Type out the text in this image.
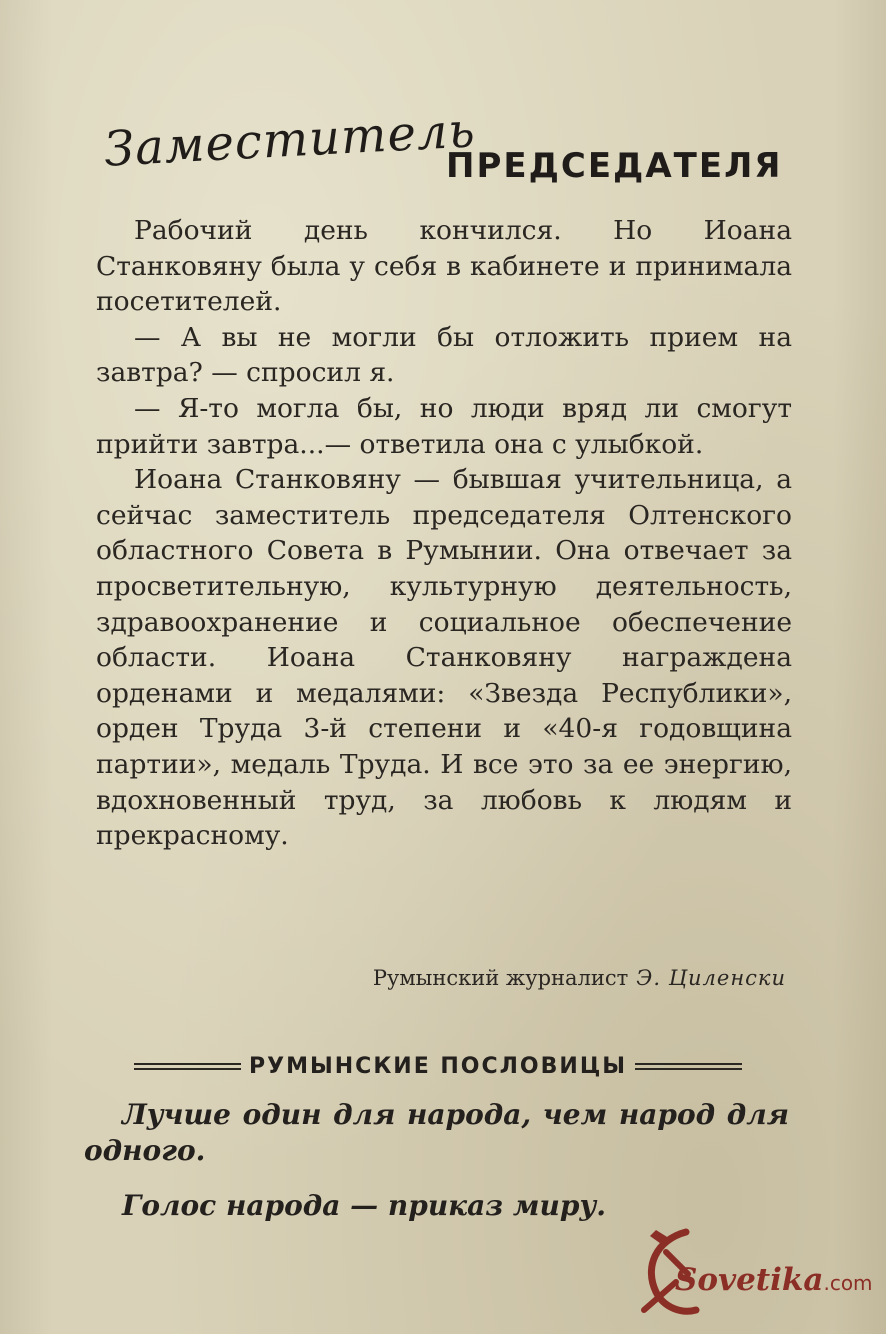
Заместитель
ПРЕДСЕДАТЕЛЯ

Рабочий день кончился. Но Иоана Станковяну была у себя в кабинете и принимала посетителей.

— А вы не могли бы отложить прием на завтра? — спросил я.

— Я-то могла бы, но люди вряд ли смогут прийти завтра...— ответила она с улыбкой.

Иоана Станковяну — бывшая учительница, а сейчас заместитель председателя Олтенского областного Совета в Румынии. Она отвечает за просветительную, культурную деятельность, здравоохранение и социальное обеспечение области. Иоана Станковяну награждена орденами и медалями: «Звезда Республики», орден Труда 3-й степени и «40-я годовщина партии», медаль Труда. И все это за ее энергию, вдохновенный труд, за любовь к людям и прекрасному.

Румынский журналист Э. Циленски
РУМЫНСКИЕ ПОСЛОВИЦЫ
Лучше один для народа, чем народ для одного.
Голос народа — приказ миру.
Sovetika.com
